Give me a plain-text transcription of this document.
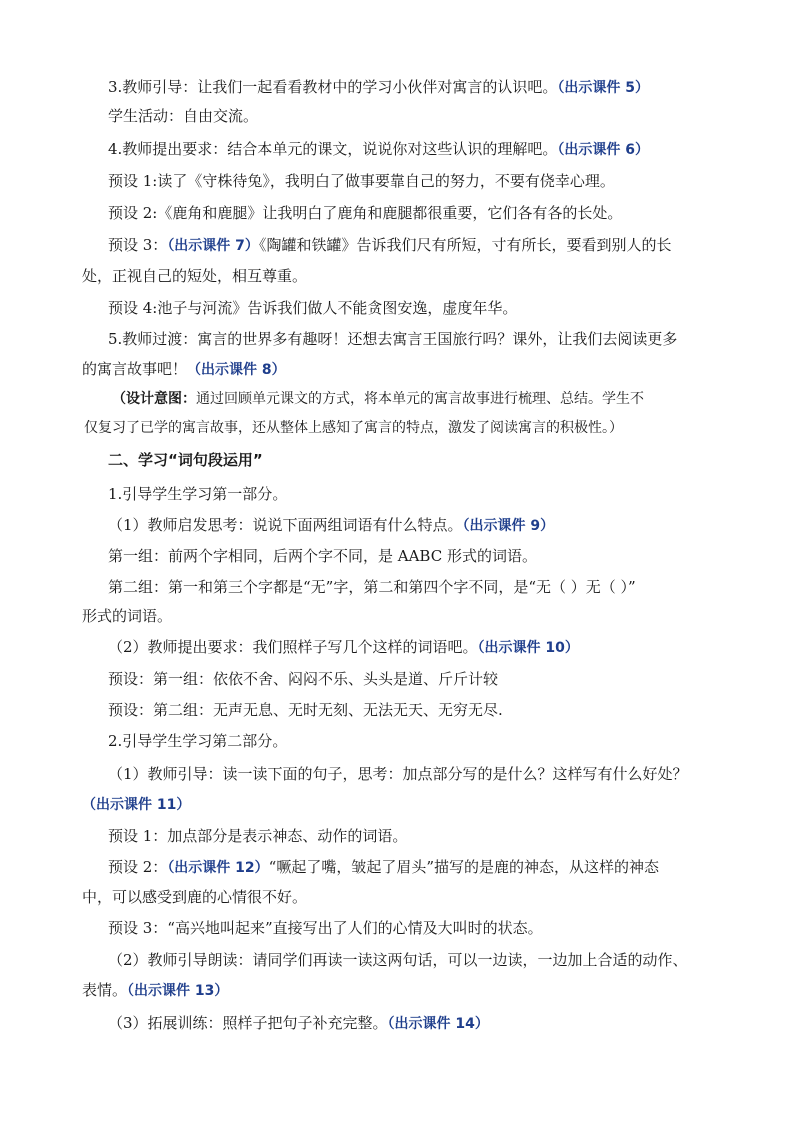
3.教师引导：让我们一起看看教材中的学习小伙伴对寓言的认识吧。（出示课件 5）
学生活动：自由交流。
4.教师提出要求：结合本单元的课文，说说你对这些认识的理解吧。（出示课件 6）
预设 1:读了《守株待兔》，我明白了做事要靠自己的努力，不要有侥幸心理。
预设 2:《鹿角和鹿腿》让我明白了鹿角和鹿腿都很重要，它们各有各的长处。
预设 3：（出示课件 7）《陶罐和铁罐》告诉我们尺有所短，寸有所长，要看到别人的长
处，正视自己的短处，相互尊重。
预设 4:池子与河流》告诉我们做人不能贪图安逸，虚度年华。
5.教师过渡：寓言的世界多有趣呀！还想去寓言王国旅行吗？课外，让我们去阅读更多
的寓言故事吧！（出示课件 8）
（设计意图：通过回顾单元课文的方式，将本单元的寓言故事进行梳理、总结。学生不
仅复习了已学的寓言故事，还从整体上感知了寓言的特点，激发了阅读寓言的积极性。）
二、学习“词句段运用”
1.引导学生学习第一部分。
（1）教师启发思考：说说下面两组词语有什么特点。（出示课件 9）
第一组：前两个字相同，后两个字不同，是 AABC 形式的词语。
第二组：第一和第三个字都是“无”字，第二和第四个字不同，是“无（ ）无（ ）”
形式的词语。
（2）教师提出要求：我们照样子写几个这样的词语吧。（出示课件 10）
预设：第一组：依依不舍、闷闷不乐、头头是道、斤斤计较
预设：第二组：无声无息、无时无刻、无法无天、无穷无尽.
2.引导学生学习第二部分。
（1）教师引导：读一读下面的句子，思考：加点部分写的是什么？这样写有什么好处？
（出示课件 11）
预设 1：加点部分是表示神态、动作的词语。
预设 2：（出示课件 12）“噘起了嘴，皱起了眉头”描写的是鹿的神态，从这样的神态
中，可以感受到鹿的心情很不好。
预设 3：“高兴地叫起来”直接写出了人们的心情及大叫时的状态。
（2）教师引导朗读：请同学们再读一读这两句话，可以一边读，一边加上合适的动作、
表情。（出示课件 13）
（3）拓展训练：照样子把句子补充完整。（出示课件 14）
